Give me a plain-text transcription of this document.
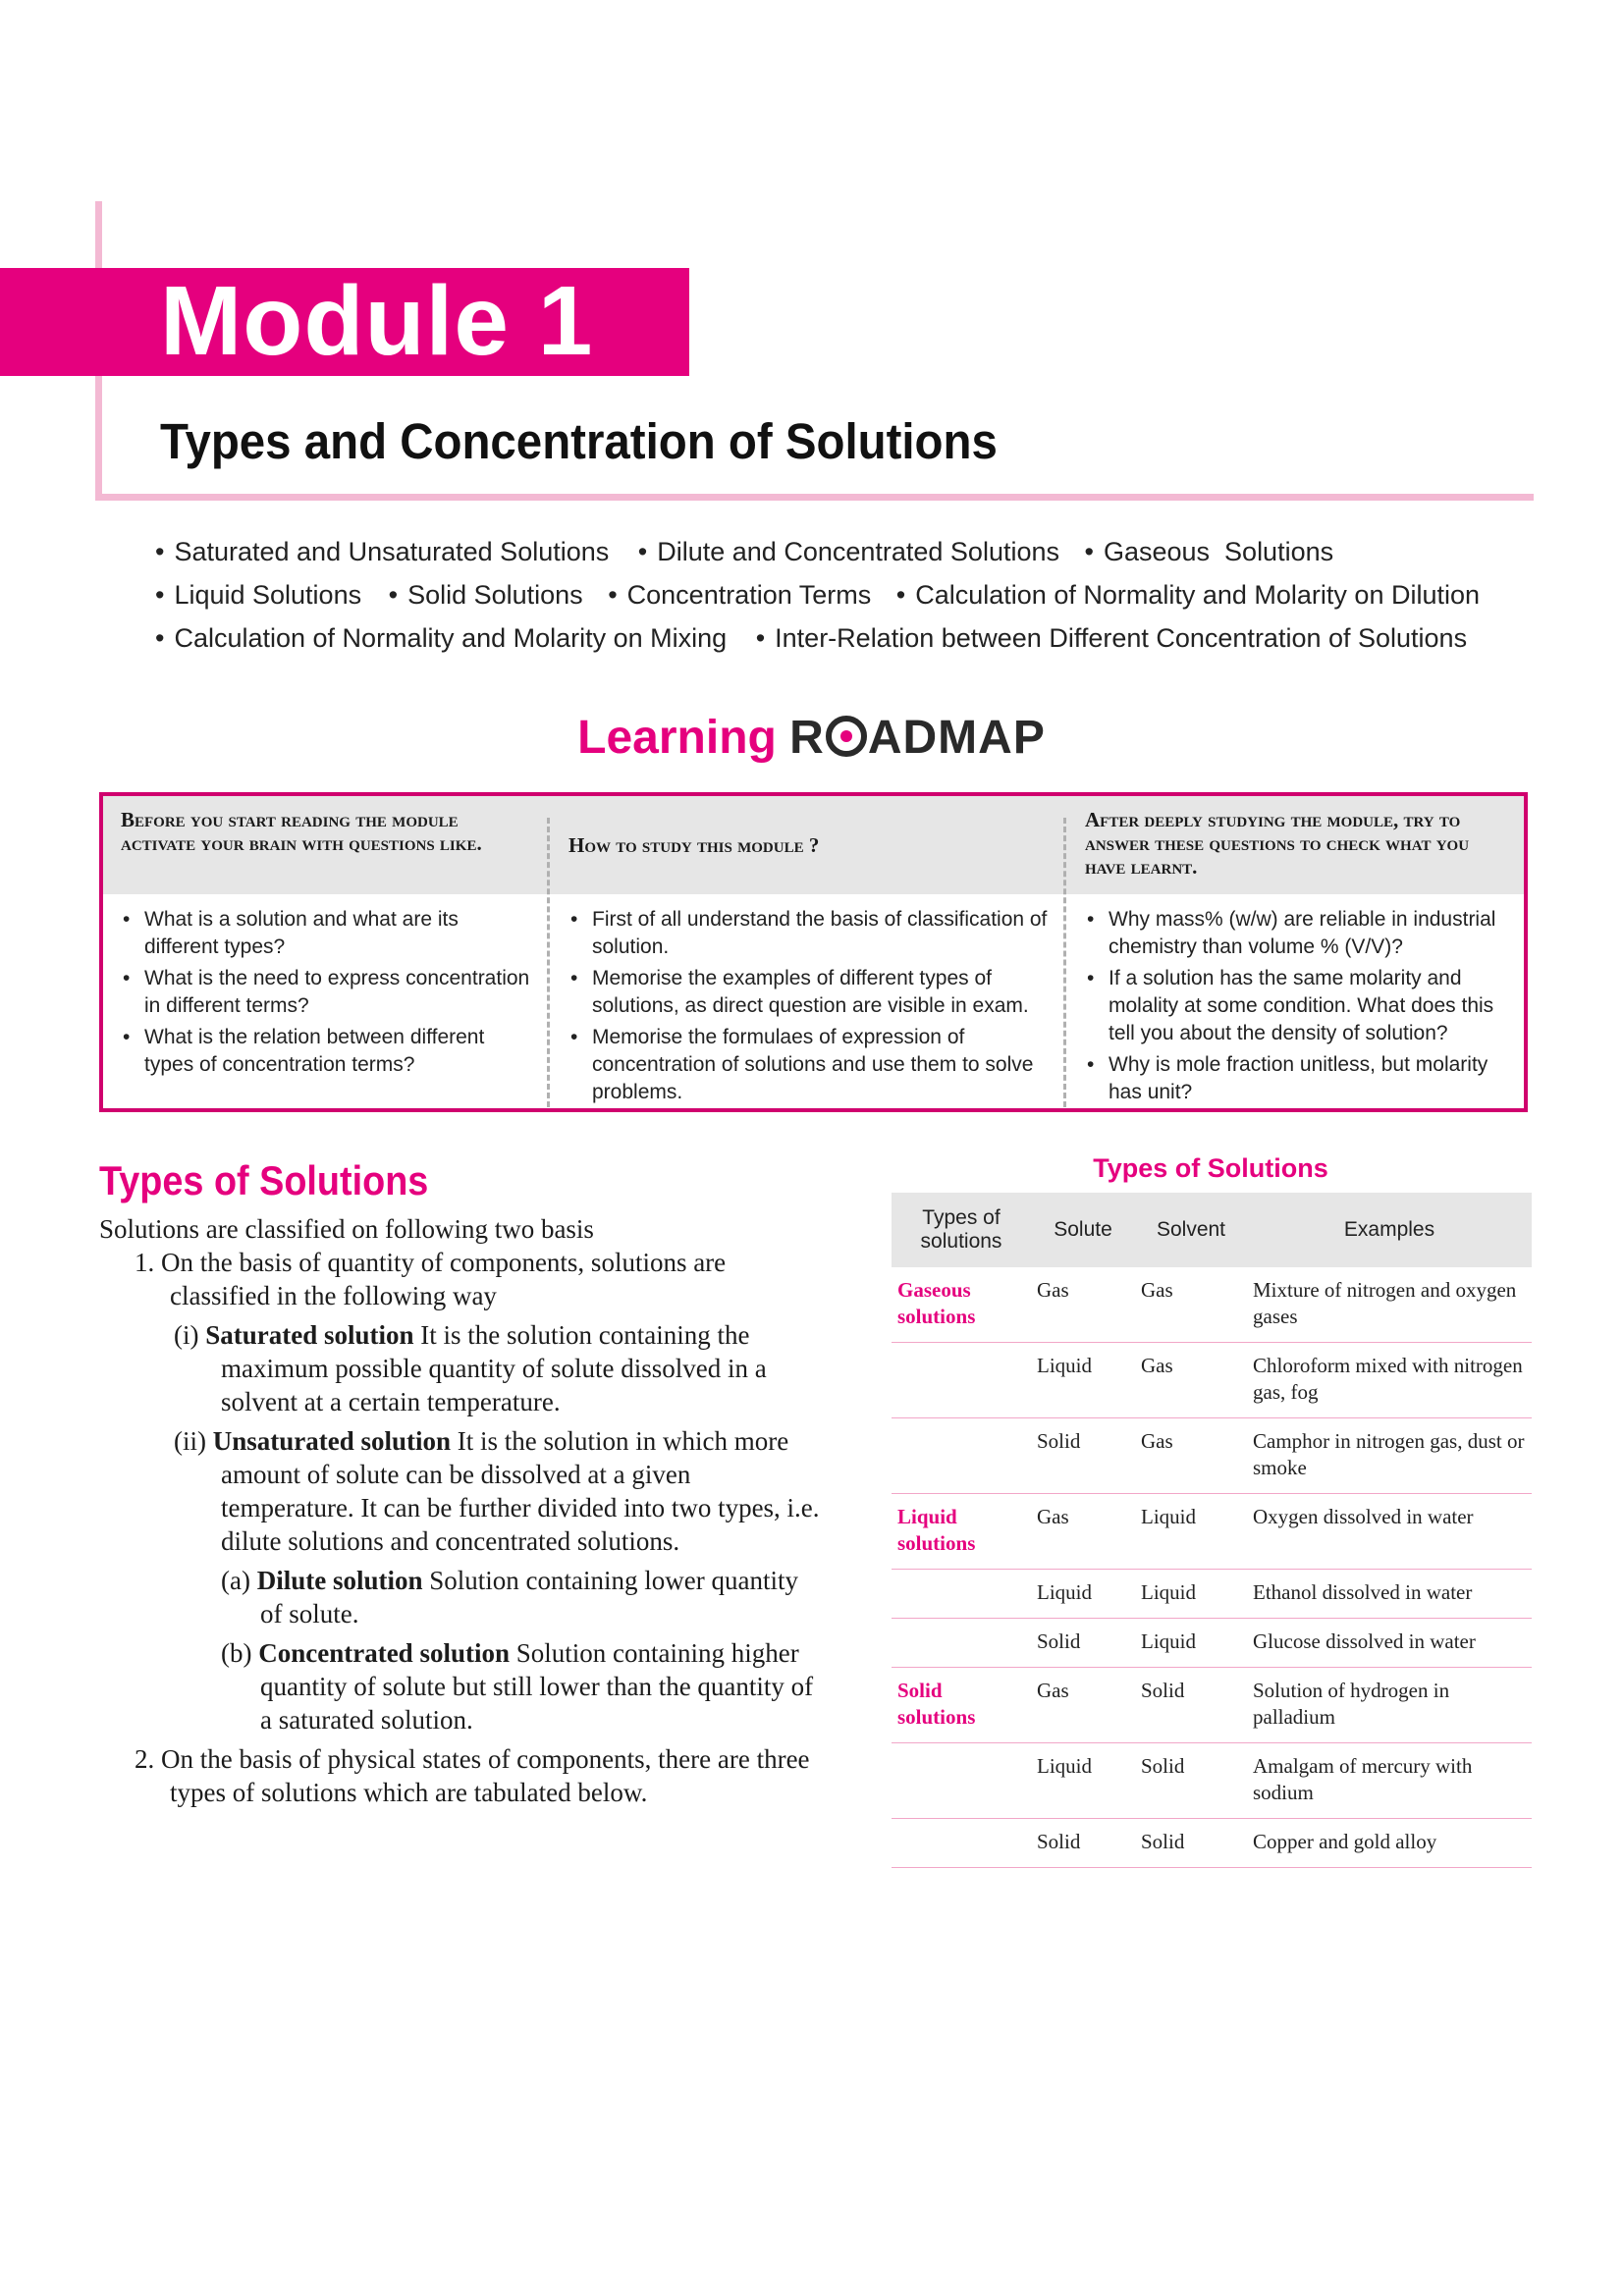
Module 1
Types and Concentration of Solutions
• Saturated and Unsaturated Solutions • Dilute and Concentrated Solutions • Gaseous  Solutions
• Liquid Solutions • Solid Solutions • Concentration Terms • Calculation of Normality and Molarity on Dilution
• Calculation of Normality and Molarity on Mixing • Inter-Relation between Different Concentration of Solutions
Learning R ADMAP
Before you start reading the module activate your brain with questions like.
• What is a solution and what are its different types?
• What is the need to express concentration in different terms?
• What is the relation between different types of concentration terms?
How to study this module ?
• First of all understand the basis of classification of solution.
• Memorise the examples of different types of solutions, as direct question are visible in exam.
• Memorise the formulaes of expression of concentration of solutions and use them to solve problems.
After deeply studying the module, try to answer these questions to check what you have learnt.
• Why mass% (w/w) are reliable in industrial chemistry than volume % (V/V)?
• If a solution has the same molarity and molality at some condition. What does this tell you about the density of solution?
• Why is mole fraction unitless, but molarity has unit?
Types of Solutions

Solutions are classified on following two basis

1. On the basis of quantity of components, solutions are classified in the following way

(i) Saturated solution It is the solution containing the maximum possible quantity of solute dissolved in a solvent at a certain temperature.

(ii) Unsaturated solution It is the solution in which more amount of solute can be dissolved at a given temperature. It can be further divided into two types, i.e. dilute solutions and concentrated solutions.

(a) Dilute solution Solution containing lower quantity of solute.

(b) Concentrated solution Solution containing higher quantity of solute but still lower than the quantity of a saturated solution.

2. On the basis of physical states of components, there are three types of solutions which are tabulated below.

Types of Solutions
Types of solutions	Solute	Solvent	Examples
Gaseous solutions	Gas	Gas	Mixture of nitrogen and oxygen gases
	Liquid	Gas	Chloroform mixed with nitrogen gas, fog
	Solid	Gas	Camphor in nitrogen gas, dust or smoke
Liquid solutions	Gas	Liquid	Oxygen dissolved in water
	Liquid	Liquid	Ethanol dissolved in water
	Solid	Liquid	Glucose dissolved in water
Solid solutions	Gas	Solid	Solution of hydrogen in palladium
	Liquid	Solid	Amalgam of mercury with sodium
	Solid	Solid	Copper and gold alloy
